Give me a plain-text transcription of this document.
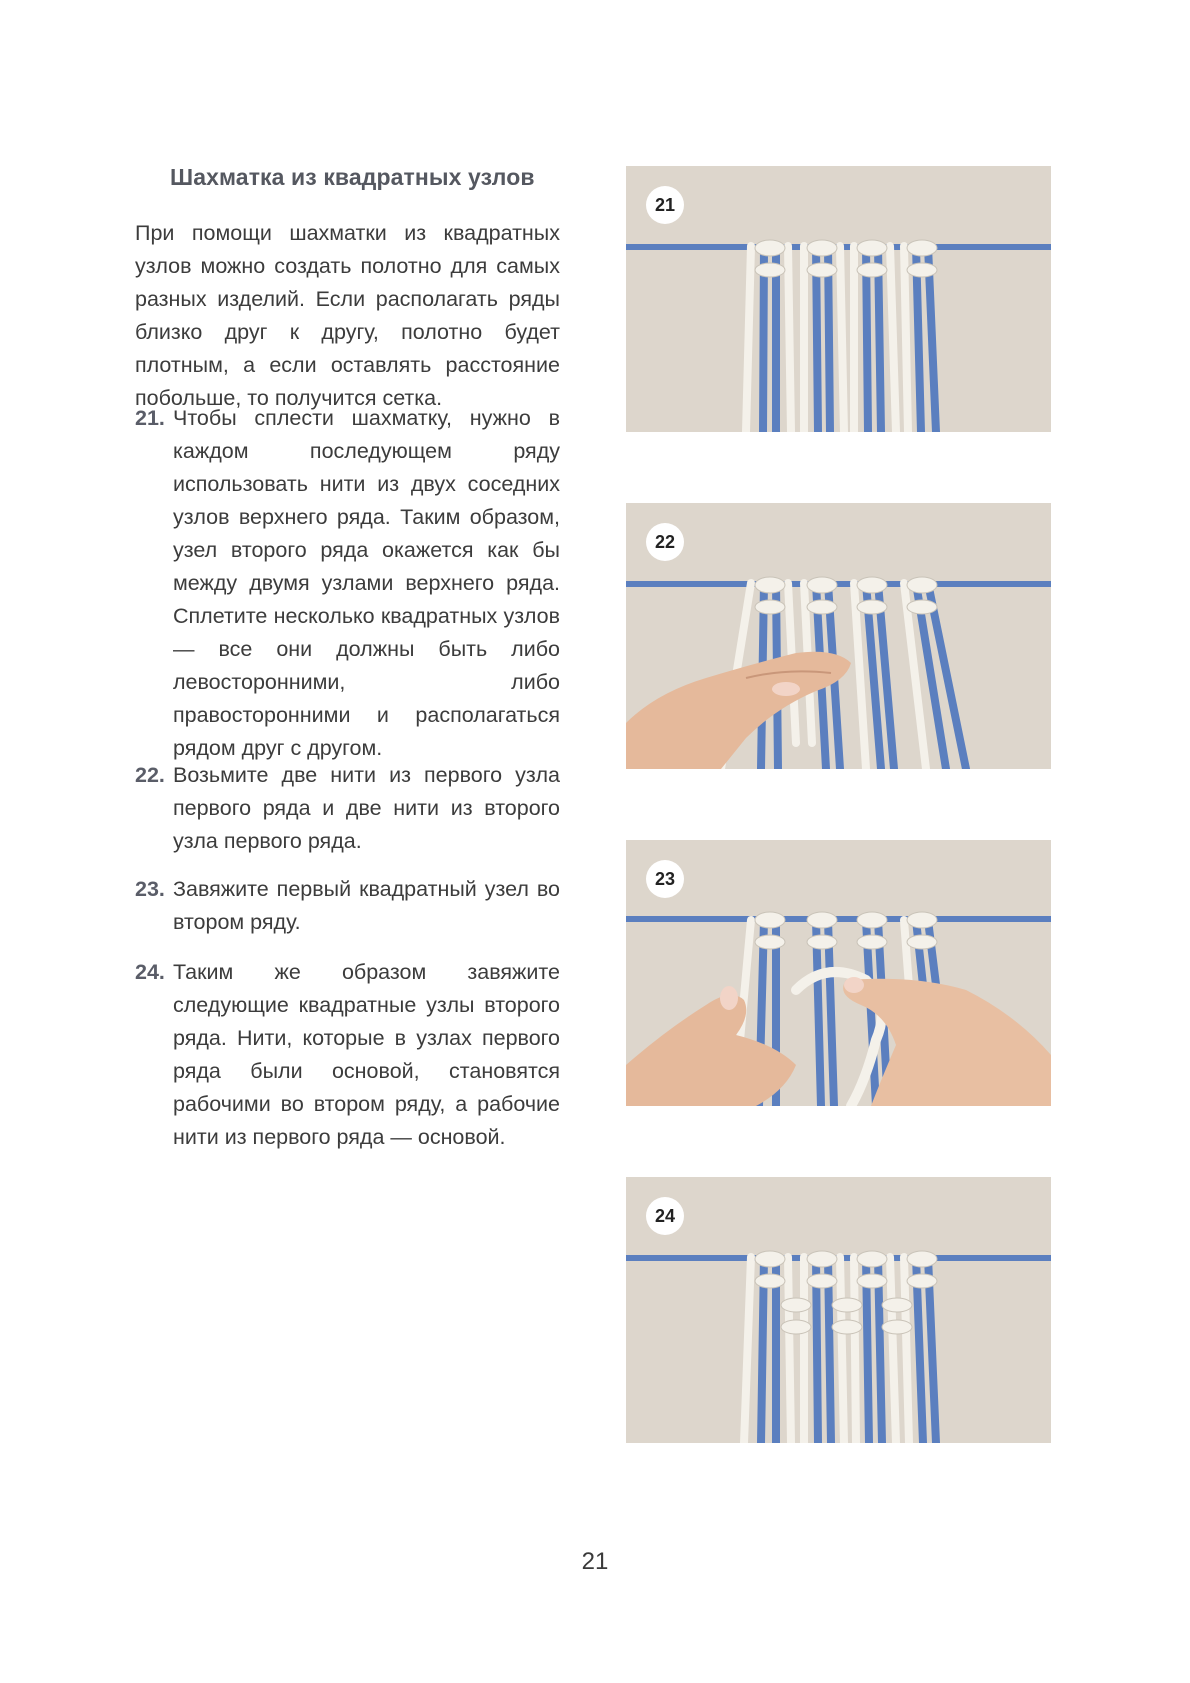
Шахматка из квадратных узлов
При помощи шахматки из квадратных узлов можно создать полотно для самых разных изделий. Если располагать ряды близко друг к другу, полотно будет плотным, а если оставлять расстояние побольше, то получится сетка.
21. Чтобы сплести шахматку, нужно в каждом последующем ряду использовать нити из двух соседних узлов верхнего ряда. Таким образом, узел второго ряда окажется как бы между двумя узлами верхнего ряда. Сплетите несколько квадратных узлов — все они должны быть либо левосторонними, либо правосторонними и располагаться рядом друг с другом.
22. Возьмите две нити из первого узла первого ряда и две нити из второго узла первого ряда.
23. Завяжите первый квадратный узел во втором ряду.
24. Таким же образом завяжите следующие квадратные узлы второго ряда. Нити, которые в узлах первого ряда были основой, становятся рабочими во втором ряду, а рабочие нити из первого ряда — основой.
21
22
23
24
21
